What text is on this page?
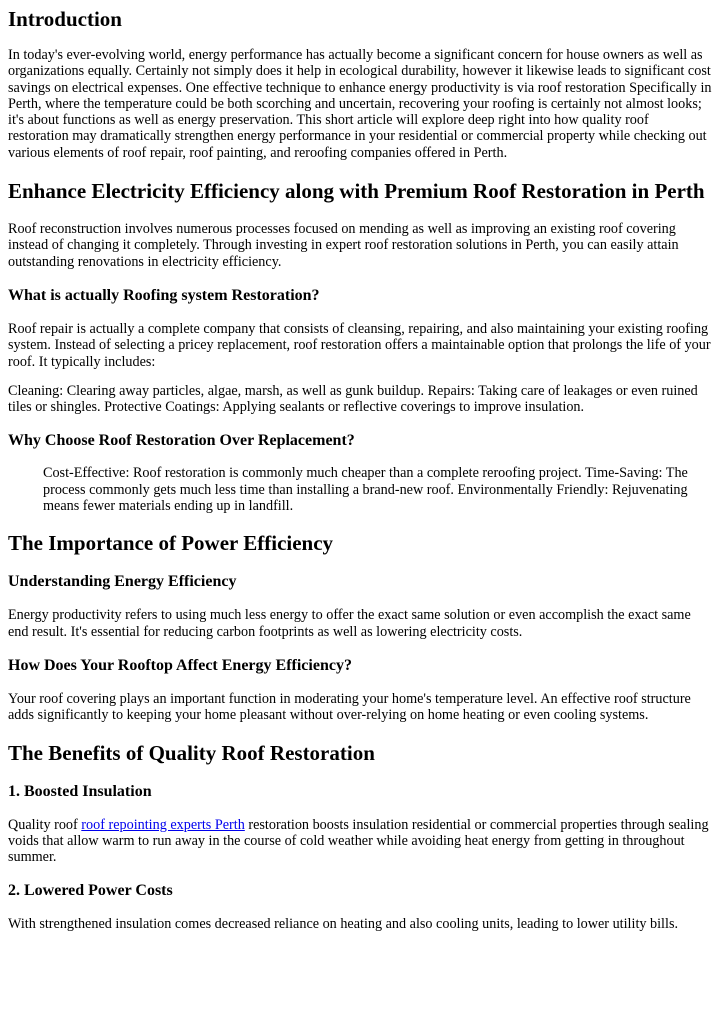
Introduction

In today's ever-evolving world, energy performance has actually become a significant concern for house owners as well as organizations equally. Certainly not simply does it help in ecological durability, however it likewise leads to significant cost savings on electrical expenses. One effective technique to enhance energy productivity is via roof restoration Specifically in Perth, where the temperature could be both scorching and uncertain, recovering your roofing is certainly not almost looks; it's about functions as well as energy preservation. This short article will explore deep right into how quality roof restoration may dramatically strengthen energy performance in your residential or commercial property while checking out various elements of roof repair, roof painting, and reroofing companies offered in Perth.

Enhance Electricity Efficiency along with Premium Roof Restoration in Perth

Roof reconstruction involves numerous processes focused on mending as well as improving an existing roof covering instead of changing it completely. Through investing in expert roof restoration solutions in Perth, you can easily attain outstanding renovations in electricity efficiency.

What is actually Roofing system Restoration?

Roof repair is actually a complete company that consists of cleansing, repairing, and also maintaining your existing roofing system. Instead of selecting a pricey replacement, roof restoration offers a maintainable option that prolongs the life of your roof. It typically includes:

Cleaning: Clearing away particles, algae, marsh, as well as gunk buildup. Repairs: Taking care of leakages or even ruined tiles or shingles. Protective Coatings: Applying sealants or reflective coverings to improve insulation.

Why Choose Roof Restoration Over Replacement?
Cost-Effective: Roof restoration is commonly much cheaper than a complete reroofing project. Time-Saving: The process commonly gets much less time than installing a brand-new roof. Environmentally Friendly: Rejuvenating means fewer materials ending up in landfill.
The Importance of Power Efficiency
Understanding Energy Efficiency

Energy productivity refers to using much less energy to offer the exact same solution or even accomplish the exact same end result. It's essential for reducing carbon footprints as well as lowering electricity costs.

How Does Your Rooftop Affect Energy Efficiency?

Your roof covering plays an important function in moderating your home's temperature level. An effective roof structure adds significantly to keeping your home pleasant without over-relying on home heating or even cooling systems.

The Benefits of Quality Roof Restoration
1. Boosted Insulation

Quality roof roof repointing experts Perth restoration boosts insulation residential or commercial properties through sealing voids that allow warm to run away in the course of cold weather while avoiding heat energy from getting in throughout summer.

2. Lowered Power Costs

With strengthened insulation comes decreased reliance on heating and also cooling units, leading to lower utility bills.
